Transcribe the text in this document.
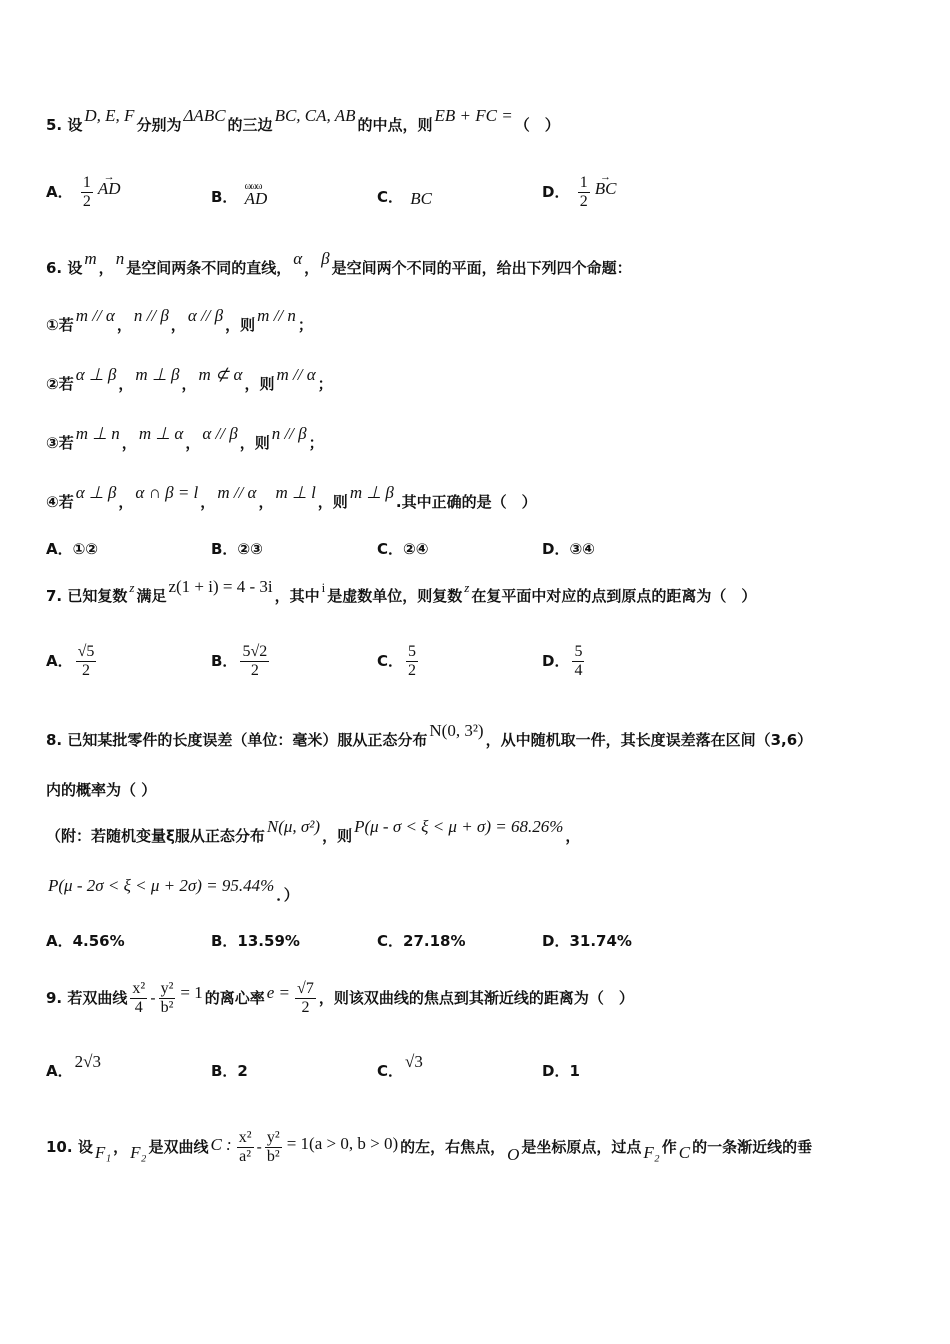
5. 设 D, E, F 分别为 ΔABC 的三边 BC, CA, AB 的中点，则 EB + FC = （　）
A． $\frac{1}{2}$ → AD	B． ωωω AD	C． BC	D． $\frac{1}{2}$ → BC
6. 设 m ， n 是空间两条不同的直线， α ， β 是空间两个不同的平面，给出下列四个命题：
①若 m // α ， n // β ， α // β ，则 m // n ；
②若 α ⊥ β ， m ⊥ β ， m ⊄ α ，则 m // α ；
③若 m ⊥ n ， m ⊥ α ， α // β ，则 n // β ；
④若 α ⊥ β ， α ∩ β = l ， m // α ， m ⊥ l ，则 m ⊥ β .其中正确的是（　）
A．①②	B．②③	C．②④	D．③④
7. 已知复数 z 满足 z(1 + i) = 4 - 3i ，其中 i 是虚数单位，则复数 z 在复平面中对应的点到原点的距离为（　）
A． $\frac{√5}{2}$	B． $\frac{5√2}{2}$	C． $\frac{5}{2}$	D． $\frac{5}{4}$
8. 已知某批零件的长度误差（单位：毫米）服从正态分布 N(0, 3²) ，从中随机取一件，其长度误差落在区间（3,6）
内的概率为（ ）
（附：若随机变量ξ服从正态分布 N(μ, σ²) ，则 P(μ - σ < ξ < μ + σ) = 68.26% ，
P(μ - 2σ < ξ < μ + 2σ) = 95.44% ．）
A．4.56%	B．13.59%	C．27.18%	D．31.74%
9. 若双曲线 $\frac{\text{x²}}{4} - \frac{\text{y²}}{\text{b²}} = 1$ 的离心率 $e = \frac{√7}{2}$ ，则该双曲线的焦点到其渐近线的距离为（　）
A． 2√3	B．2	C． √3	D．1
10. 设 F₁ ， F₂ 是双曲线 C : $\frac{\text{x²}}{\text{a²}} - \frac{\text{y²}}{\text{b²}} = 1(a > 0$, b > 0) 的左，右焦点， O 是坐标原点，过点 F₂ 作 C 的一条渐近线的垂
